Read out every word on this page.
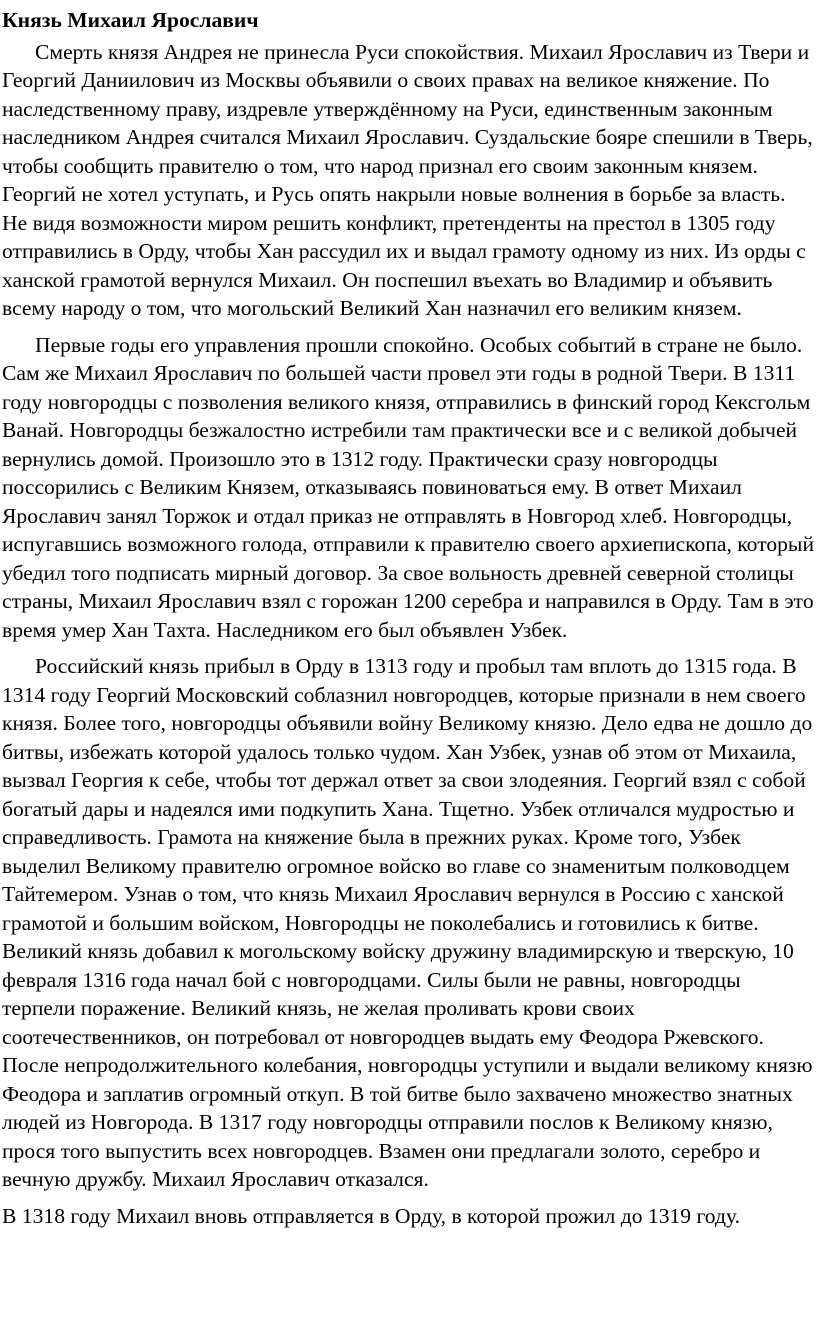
Князь Михаил Ярославич

Смерть князя Андрея не принесла Руси спокойствия. Михаил Ярославич из Твери и Георгий Даниилович из Москвы объявили о своих правах на великое княжение. По наследственному праву, издревле утверждённому на Руси, единственным законным наследником Андрея считался Михаил Ярославич. Суздальские бояре спешили в Тверь, чтобы сообщить правителю о том, что народ признал его своим законным князем. Георгий не хотел уступать, и Русь опять накрыли новые волнения в борьбе за власть. Не видя возможности миром решить конфликт, претенденты на престол в 1305 году отправились в Орду, чтобы Хан рассудил их и выдал грамоту одному из них. Из орды с ханской грамотой вернулся Михаил. Он поспешил въехать во Владимир и объявить всему народу о том, что могольский Великий Хан назначил его великим князем.

Первые годы его управления прошли спокойно. Особых событий в стране не было. Сам же Михаил Ярославич по большей части провел эти годы в родной Твери. В 1311 году новгородцы с позволения великого князя, отправились в финский город Кексгольм Ванай. Новгородцы безжалостно истребили там практически все и с великой добычей вернулись домой. Произошло это в 1312 году. Практически сразу новгородцы поссорились с Великим Князем, отказываясь повиноваться ему. В ответ Михаил Ярославич занял Торжок и отдал приказ не отправлять в Новгород хлеб. Новгородцы, испугавшись возможного голода, отправили к правителю своего архиепископа, который убедил того подписать мирный договор. За свое вольность древней северной столицы страны, Михаил Ярославич взял с горожан 1200 серебра и направился в Орду. Там в это время умер Хан Тахта. Наследником его был объявлен Узбек.

Российский князь прибыл в Орду в 1313 году и пробыл там вплоть до 1315 года. В 1314 году Георгий Московский соблазнил новгородцев, которые признали в нем своего князя. Более того, новгородцы объявили войну Великому князю. Дело едва не дошло до битвы, избежать которой удалось только чудом. Хан Узбек, узнав об этом от Михаила, вызвал Георгия к себе, чтобы тот держал ответ за свои злодеяния. Георгий взял с собой богатый дары и надеялся ими подкупить Хана. Тщетно. Узбек отличался мудростью и справедливость. Грамота на княжение была в прежних руках. Кроме того, Узбек выделил Великому правителю огромное войско во главе со знаменитым полководцем Тайтемером. Узнав о том, что князь Михаил Ярославич вернулся в Россию с ханской грамотой и большим войском, Новгородцы не поколебались и готовились к битве. Великий князь добавил к могольскому войску дружину владимирскую и тверскую, 10 февраля 1316 года начал бой с новгородцами. Силы были не равны, новгородцы терпели поражение. Великий князь, не желая проливать крови своих соотечественников, он потребовал от новгородцев выдать ему Феодора Ржевского. После непродолжительного колебания, новгородцы уступили и выдали великому князю Феодора и заплатив огромный откуп. В той битве было захвачено множество знатных людей из Новгорода. В 1317 году новгородцы отправили послов к Великому князю, прося того выпустить всех новгородцев. Взамен они предлагали золото, серебро и вечную дружбу. Михаил Ярославич отказался.

В 1318 году Михаил вновь отправляется в Орду, в которой прожил до 1319 году.
